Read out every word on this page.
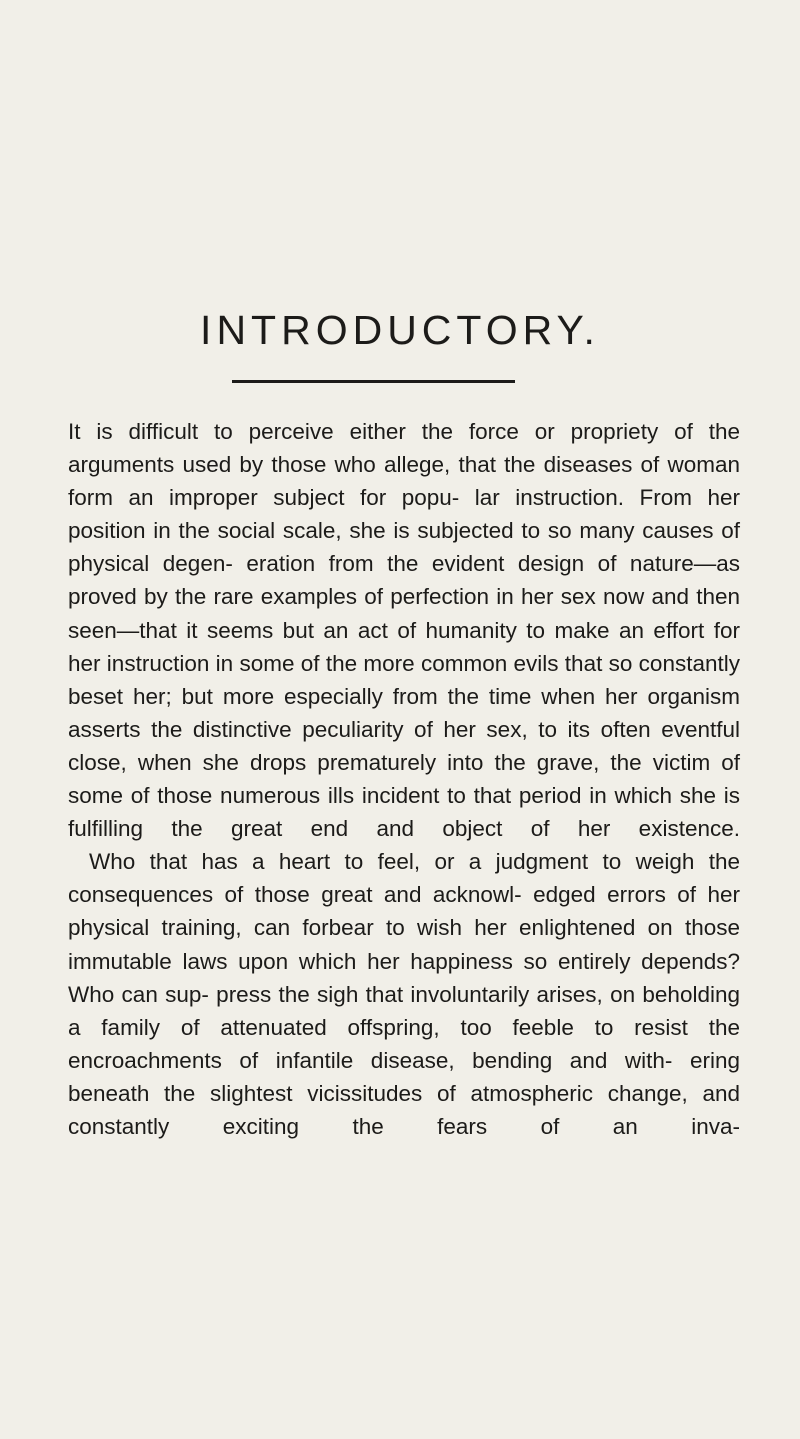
INTRODUCTORY.

It is difficult to perceive either the force or propriety of the arguments used by those who allege, that the diseases of woman form an improper subject for popu- lar instruction. From her position in the social scale, she is subjected to so many causes of physical degen- eration from the evident design of nature—as proved by the rare examples of perfection in her sex now and then seen—that it seems but an act of humanity to make an effort for her instruction in some of the more common evils that so constantly beset her; but more especially from the time when her organism asserts the distinctive peculiarity of her sex, to its often eventful close, when she drops prematurely into the grave, the victim of some of those numerous ills incident to that period in which she is fulfilling the great end and object of her existence.

Who that has a heart to feel, or a judgment to weigh the consequences of those great and acknowl- edged errors of her physical training, can forbear to wish her enlightened on those immutable laws upon which her happiness so entirely depends? Who can sup- press the sigh that involuntarily arises, on beholding a family of attenuated offspring, too feeble to resist the encroachments of infantile disease, bending and with- ering beneath the slightest vicissitudes of atmospheric change, and constantly exciting the fears of an inva-
